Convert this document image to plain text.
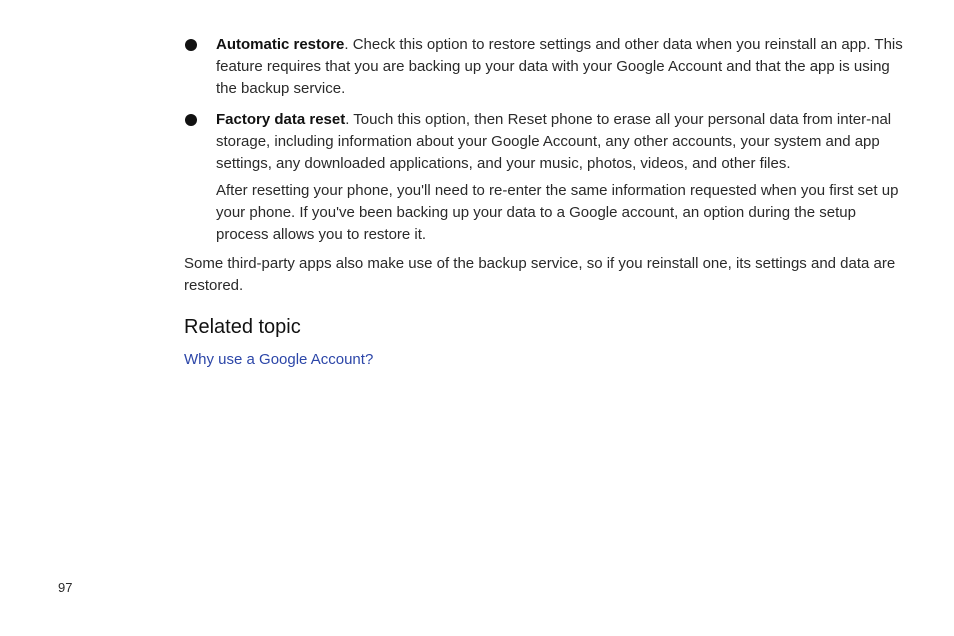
Automatic restore. Check this option to restore settings and other data when you reinstall an app. This feature requires that you are backing up your data with your Google Account and that the app is using the backup service.
Factory data reset. Touch this option, then Reset phone to erase all your personal data from inter-nal storage, including information about your Google Account, any other accounts, your system and app settings, any downloaded applications, and your music, photos, videos, and other files.
After resetting your phone, you'll need to re-enter the same information requested when you first set up your phone. If you've been backing up your data to a Google account, an option during the setup process allows you to restore it.

Some third-party apps also make use of the backup service, so if you reinstall one, its settings and data are restored.

Related topic
Why use a Google Account?
97
